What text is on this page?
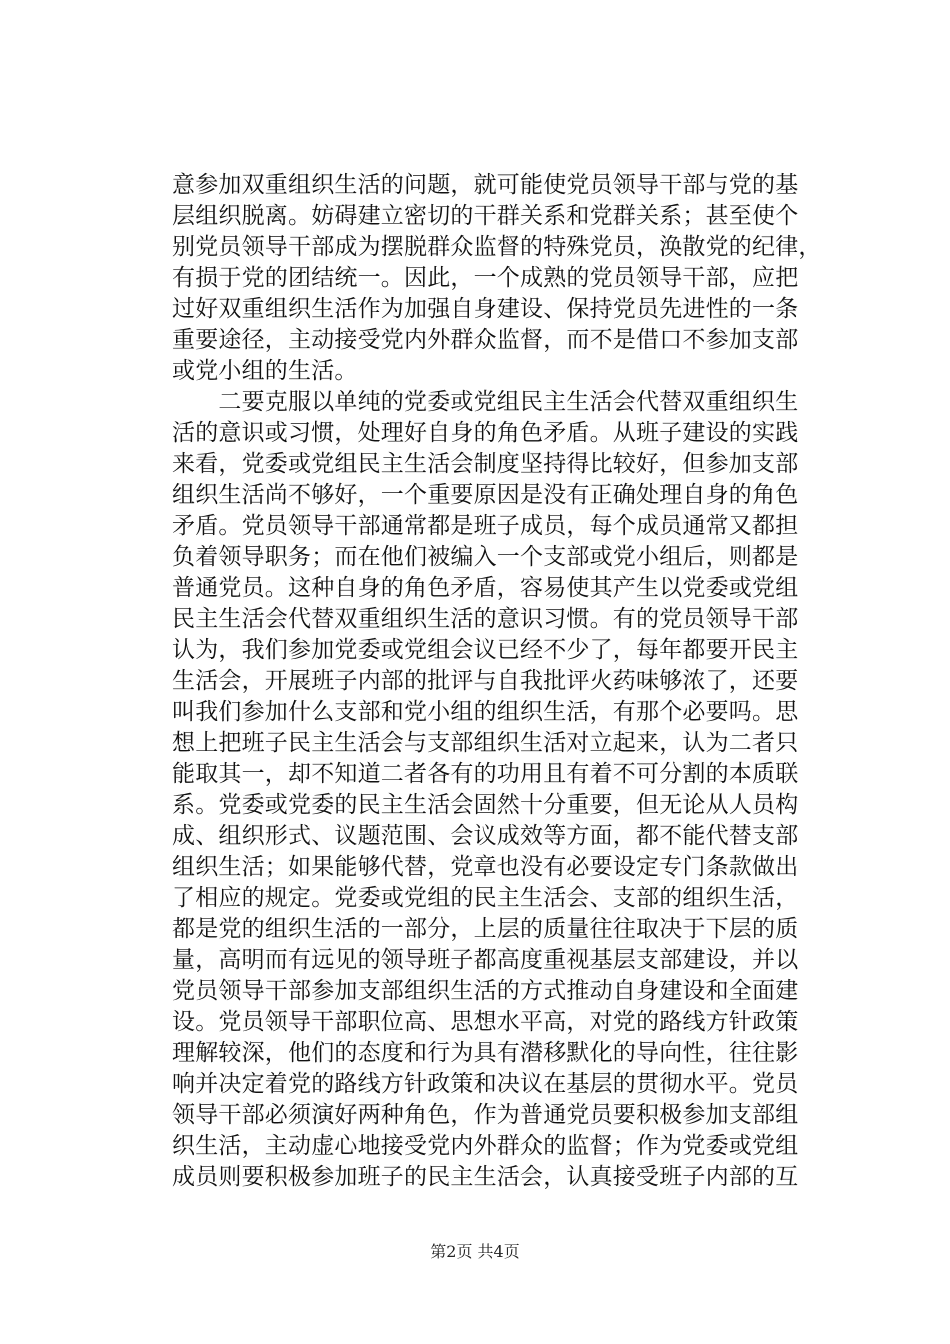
意参加双重组织生活的问题，就可能使党员领导干部与党的基
层组织脱离。妨碍建立密切的干群关系和党群关系；甚至使个
别党员领导干部成为摆脱群众监督的特殊党员，涣散党的纪律，
有损于党的团结统一。因此，一个成熟的党员领导干部，应把
过好双重组织生活作为加强自身建设、保持党员先进性的一条
重要途径，主动接受党内外群众监督，而不是借口不参加支部
或党小组的生活。
　　二要克服以单纯的党委或党组民主生活会代替双重组织生
活的意识或习惯，处理好自身的角色矛盾。从班子建设的实践
来看，党委或党组民主生活会制度坚持得比较好，但参加支部
组织生活尚不够好，一个重要原因是没有正确处理自身的角色
矛盾。党员领导干部通常都是班子成员，每个成员通常又都担
负着领导职务；而在他们被编入一个支部或党小组后，则都是
普通党员。这种自身的角色矛盾，容易使其产生以党委或党组
民主生活会代替双重组织生活的意识习惯。有的党员领导干部
认为，我们参加党委或党组会议已经不少了，每年都要开民主
生活会，开展班子内部的批评与自我批评火药味够浓了，还要
叫我们参加什么支部和党小组的组织生活，有那个必要吗。思
想上把班子民主生活会与支部组织生活对立起来，认为二者只
能取其一，却不知道二者各有的功用且有着不可分割的本质联
系。党委或党委的民主生活会固然十分重要，但无论从人员构
成、组织形式、议题范围、会议成效等方面，都不能代替支部
组织生活；如果能够代替，党章也没有必要设定专门条款做出
了相应的规定。党委或党组的民主生活会、支部的组织生活，
都是党的组织生活的一部分，上层的质量往往取决于下层的质
量，高明而有远见的领导班子都高度重视基层支部建设，并以
党员领导干部参加支部组织生活的方式推动自身建设和全面建
设。党员领导干部职位高、思想水平高，对党的路线方针政策
理解较深，他们的态度和行为具有潜移默化的导向性，往往影
响并决定着党的路线方针政策和决议在基层的贯彻水平。党员
领导干部必须演好两种角色，作为普通党员要积极参加支部组
织生活，主动虚心地接受党内外群众的监督；作为党委或党组
成员则要积极参加班子的民主生活会，认真接受班子内部的互
第2页 共4页
